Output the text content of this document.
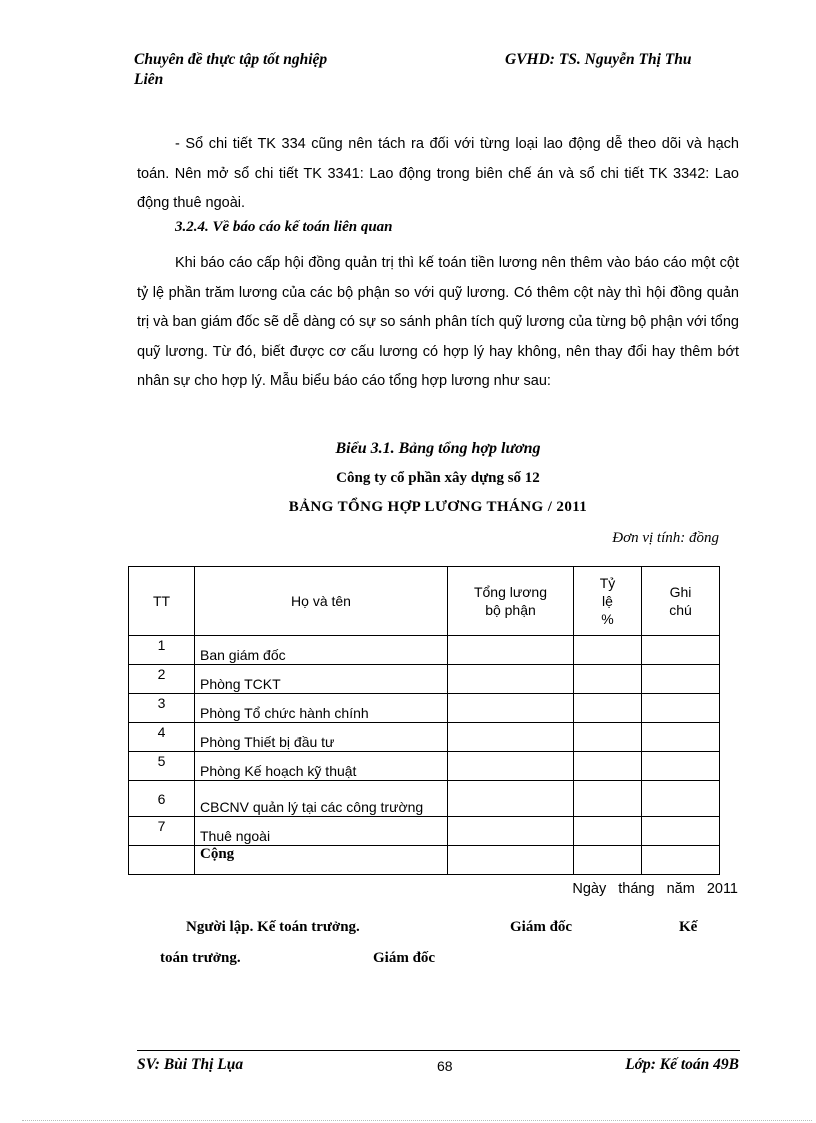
Chuyên đề thực tập tốt nghiệp
Liên
GVHD: TS. Nguyễn Thị Thu
- Sổ chi tiết TK 334 cũng nên tách ra đối với từng loại lao động dễ theo dõi và hạch toán. Nên mở sổ chi tiết TK 3341: Lao động trong biên chế án và sổ chi tiết TK 3342: Lao động thuê ngoài.
3.2.4. Về báo cáo kế toán liên quan
Khi báo cáo cấp hội đồng quản trị thì kế toán tiền lương nên thêm vào báo cáo một cột tỷ lệ phần trăm lương của các bộ phận so với quỹ lương. Có thêm cột này thì hội đồng quản trị và ban giám đốc sẽ dễ dàng có sự so sánh phân tích quỹ lương của từng bộ phận với tổng quỹ lương. Từ đó, biết được cơ cấu lương có hợp lý hay không, nên thay đổi hay thêm bớt nhân sự cho hợp lý. Mẫu biểu báo cáo tổng hợp lương như sau:
Biểu 3.1. Bảng tổng hợp lương
Công ty cổ phần xây dựng số 12
BẢNG TỔNG HỢP LƯƠNG THÁNG / 2011
Đơn vị tính: đồng
TT	Họ và tên	Tổng lương bộ phận	Tỷ lệ %	Ghi chú
1	Ban giám đốc			
2	Phòng TCKT			
3	Phòng Tổ chức hành chính			
4	Phòng Thiết bị đầu tư			
5	Phòng Kế hoạch kỹ thuật			
6	CBCNV quản lý tại các công trường			
7	Thuê ngoài			
	Cộng			
Ngày tháng năm 2011
Người lập. Kế toán trưởng.	Giám đốc	Kế
toán trưởng.	Giám đốc
SV: Bùi Thị Lụa	68	Lớp: Kế toán 49B
